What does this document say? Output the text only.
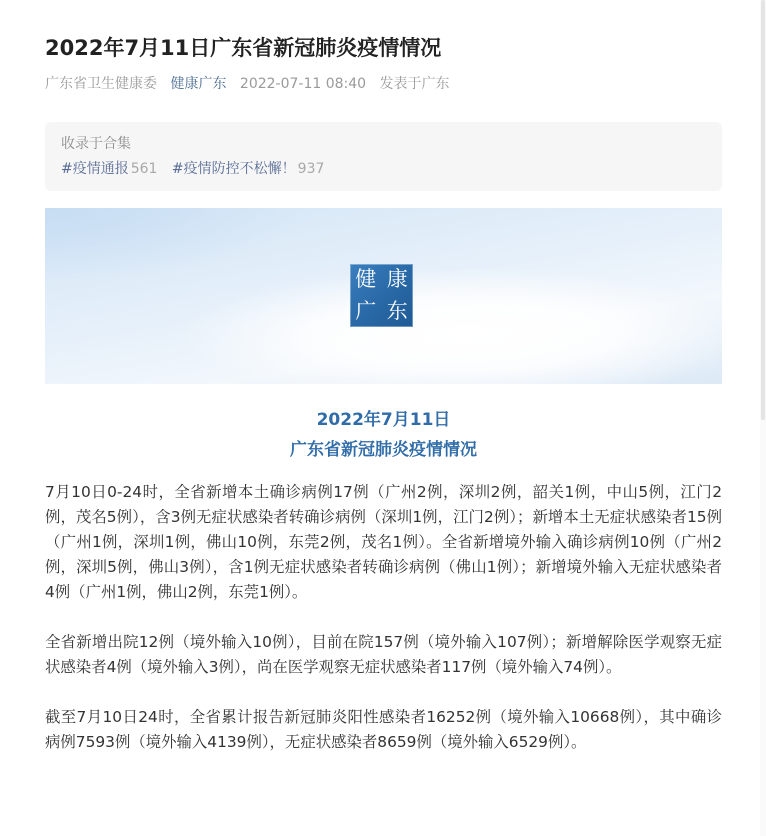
2022年7月11日广东省新冠肺炎疫情情况
广东省卫生健康委 健康广东 2022-07-11 08:40 发表于广东
收录于合集
#疫情通报 561 #疫情防控不松懈！ 937
健 康
广 东
2022年7月11日
广东省新冠肺炎疫情情况

7月10日0-24时，全省新增本土确诊病例17例（广州2例，深圳2例，韶关1例，中山5例，江门2例，茂名5例），含3例无症状感染者转确诊病例（深圳1例，江门2例）；新增本土无症状感染者15例（广州1例，深圳1例，佛山10例，东莞2例，茂名1例）。全省新增境外输入确诊病例10例（广州2例，深圳5例，佛山3例），含1例无症状感染者转确诊病例（佛山1例）；新增境外输入无症状感染者4例（广州1例，佛山2例，东莞1例）。

全省新增出院12例（境外输入10例），目前在院157例（境外输入107例）；新增解除医学观察无症状感染者4例（境外输入3例），尚在医学观察无症状感染者117例（境外输入74例）。

截至7月10日24时，全省累计报告新冠肺炎阳性感染者16252例（境外输入10668例），其中确诊病例7593例（境外输入4139例），无症状感染者8659例（境外输入6529例）。
